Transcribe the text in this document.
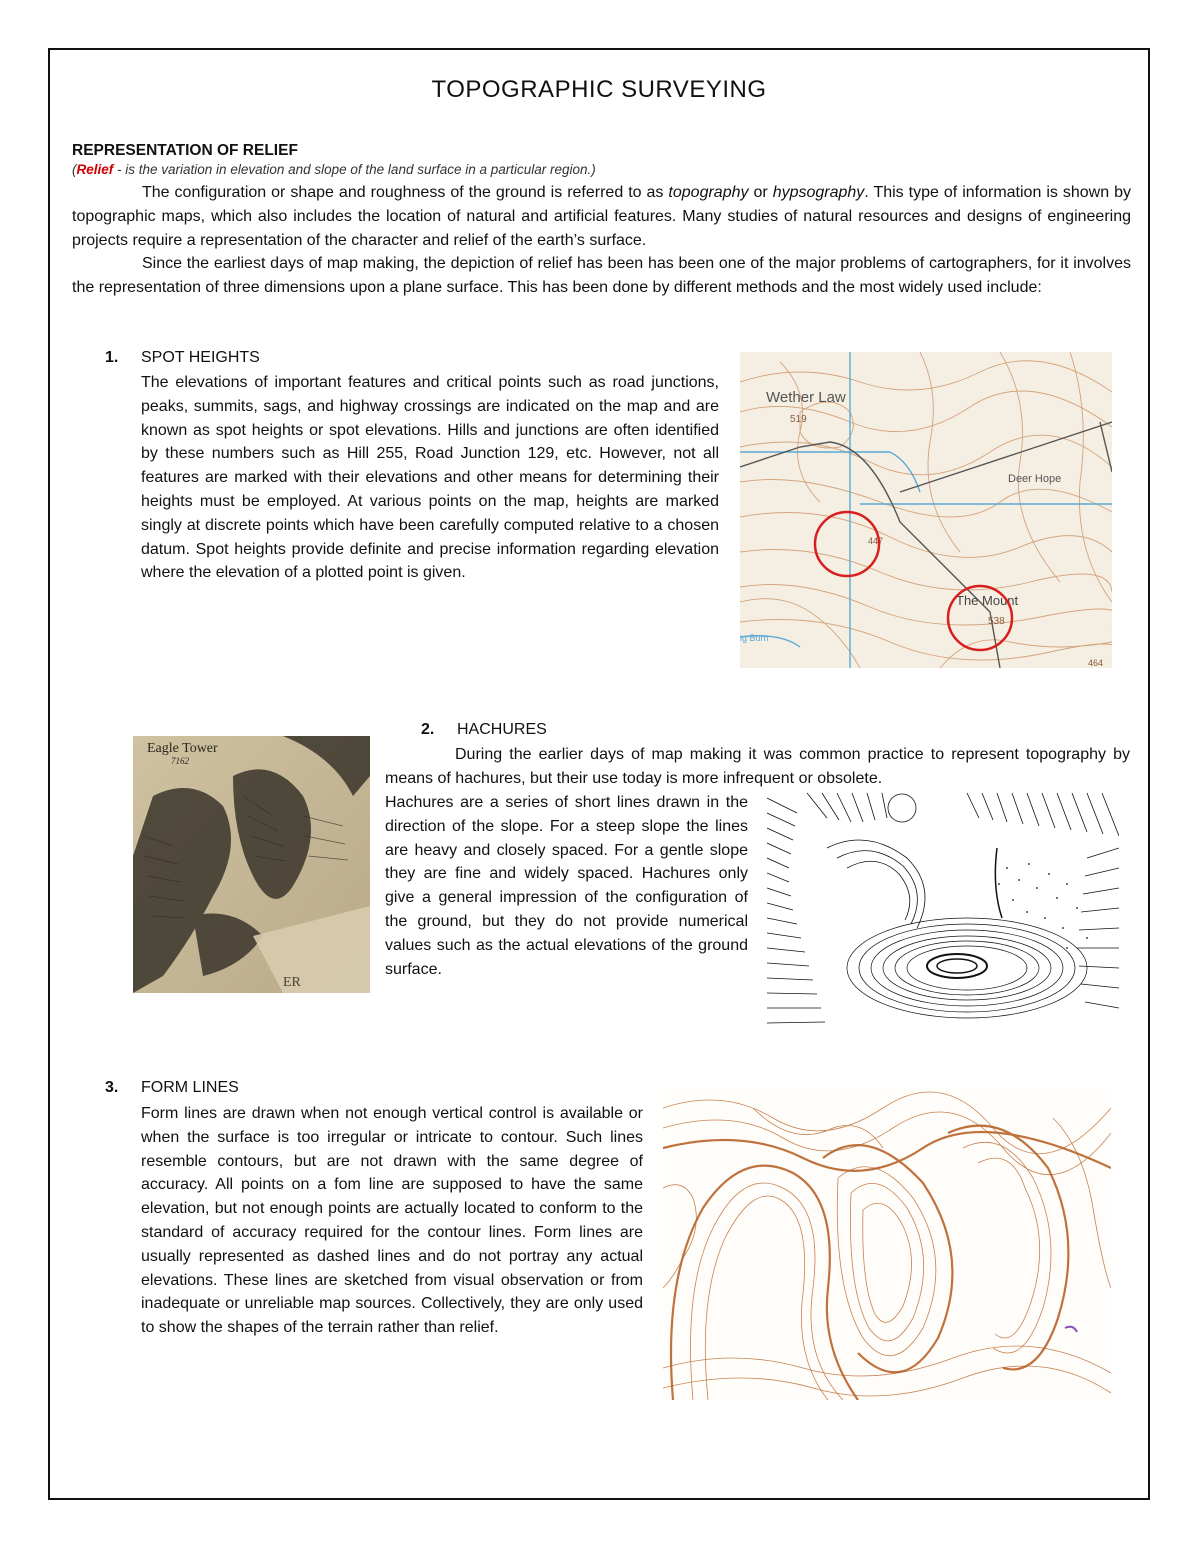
TOPOGRAPHIC SURVEYING
REPRESENTATION OF RELIEF
(Relief - is the variation in elevation and slope of the land surface in a particular region.)

The configuration or shape and roughness of the ground is referred to as topography or hypsography. This type of information is shown by topographic maps, which also includes the location of natural and artificial features. Many studies of natural resources and designs of engineering projects require a representation of the character and relief of the earth’s surface.

Since the earliest days of map making, the depiction of relief has been has been one of the major problems of cartographers, for it involves the representation of three dimensions upon a plane surface. This has been done by different methods and the most widely used include:

1. SPOT HEIGHTS

The elevations of important features and critical points such as road junctions, peaks, summits, sags, and highway crossings are indicated on the map and are known as spot heights or spot elevations. Hills and junctions are often identified by these numbers such as Hill 255, Road Junction 129, etc. However, not all features are marked with their elevations and other means for determining their heights must be employed. At various points on the map, heights are marked singly at discrete points which have been carefully computed relative to a chosen datum. Spot heights provide definite and precise information regarding elevation where the elevation of a plotted point is given.

Wether Law
519
Deer Hope
447
The Mount
538
ig Burn
464
Eagle Tower
7162
ER
2. HACHURES

During the earlier days of map making it was common practice to represent topography by means of hachures, but their use today is more infrequent or obsolete.

Hachures are a series of short lines drawn in the direction of the slope. For a steep slope the lines are heavy and closely spaced. For a gentle slope they are fine and widely spaced. Hachures only give a general impression of the configuration of the ground, but they do not provide numerical values such as the actual elevations of the ground surface.

3. FORM LINES

Form lines are drawn when not enough vertical control is available or when the surface is too irregular or intricate to contour. Such lines resemble contours, but are not drawn with the same degree of accuracy. All points on a fom line are supposed to have the same elevation, but not enough points are actually located to conform to the standard of accuracy required for the contour lines. Form lines are usually represented as dashed lines and do not portray any actual elevations. These lines are sketched from visual observation or from inadequate or unreliable map sources. Collectively, they are only used to show the shapes of the terrain rather than relief.
